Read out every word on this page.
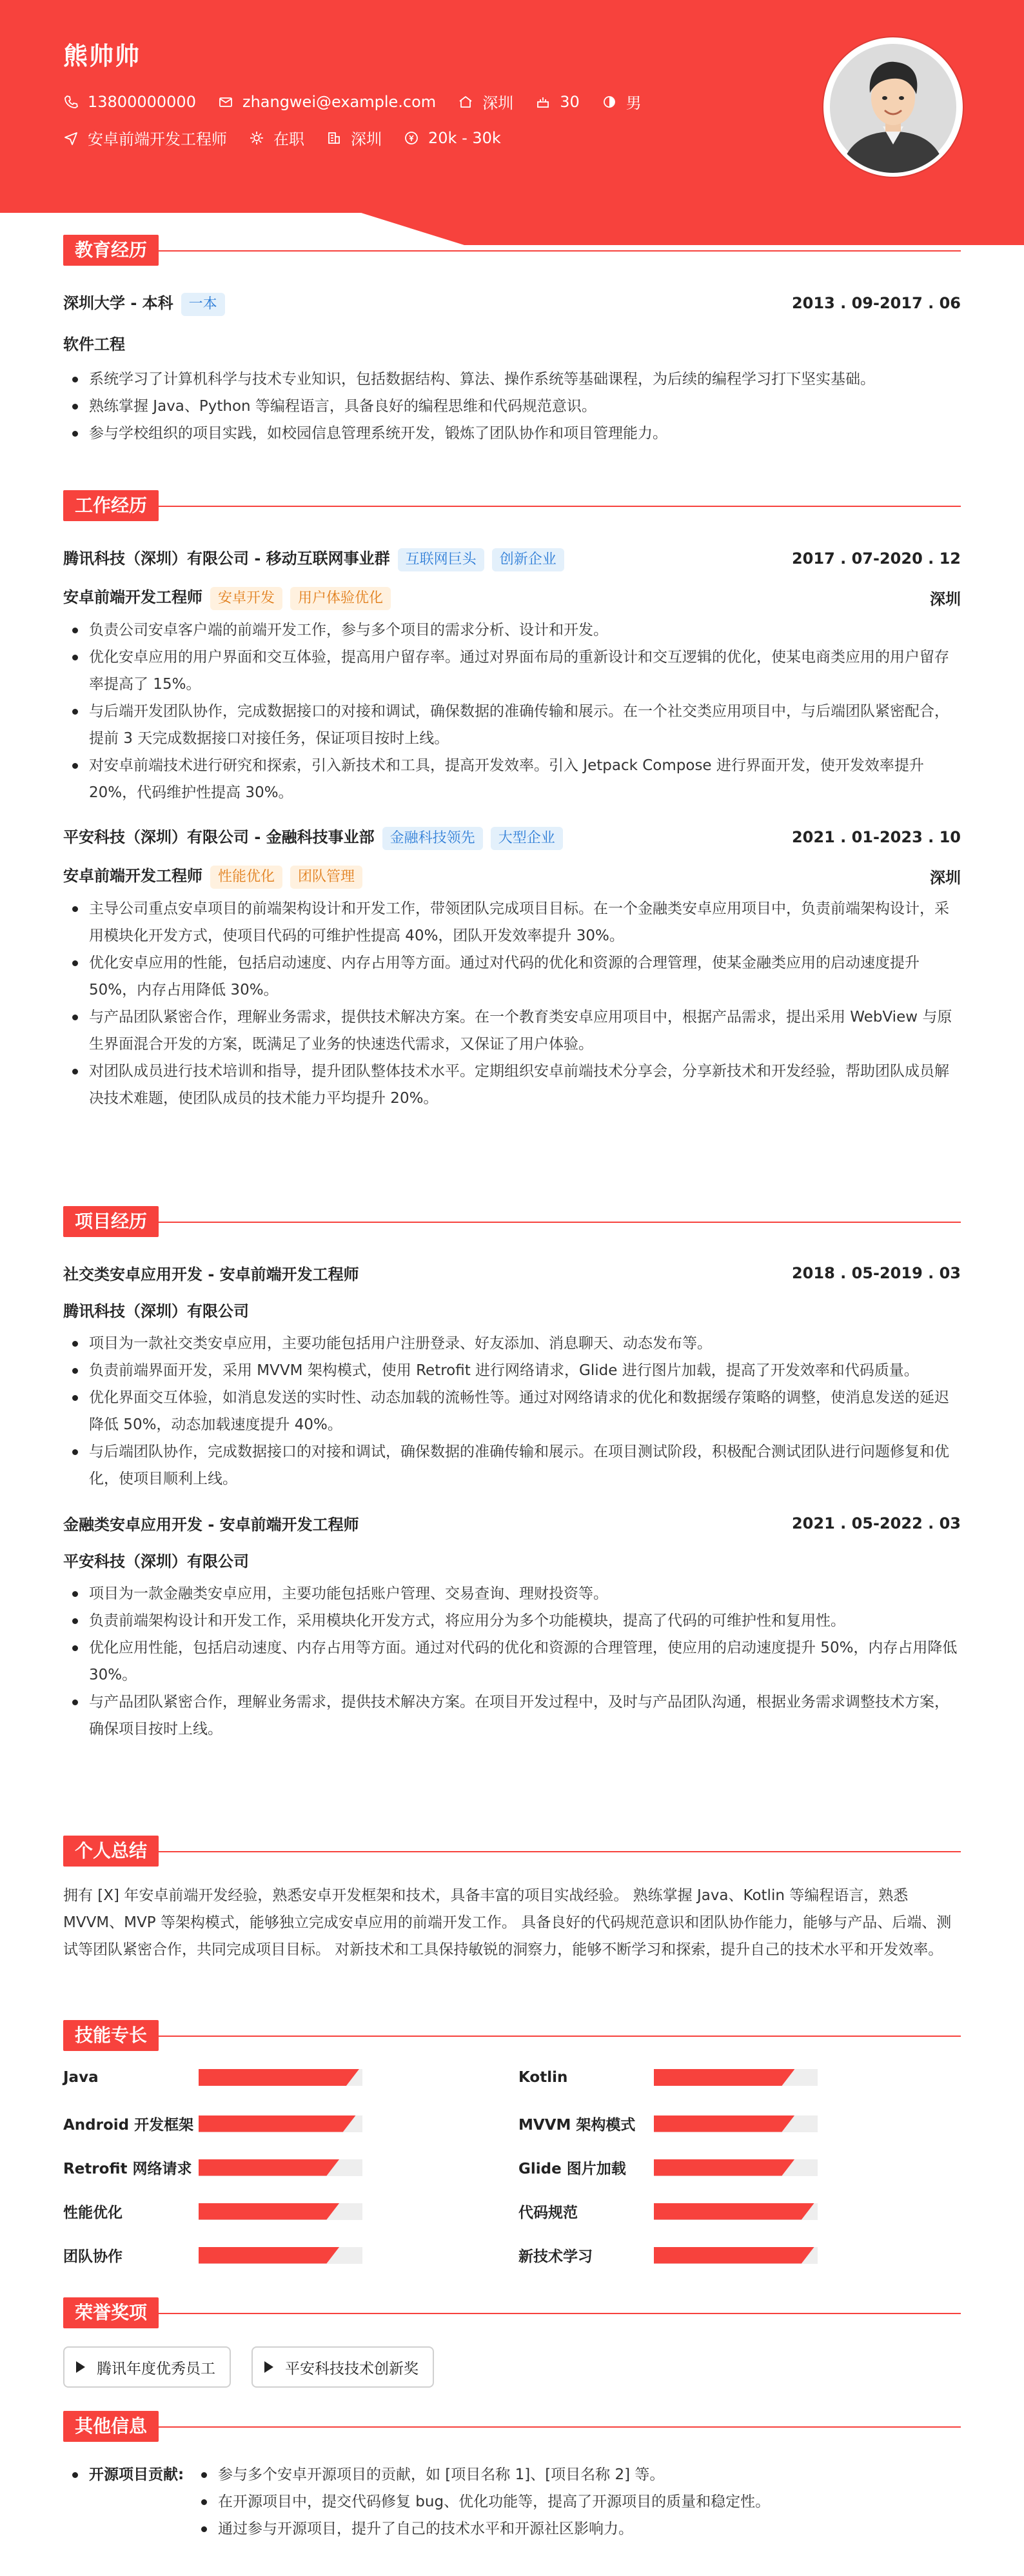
熊帅帅
13800000000	zhangwei@example.com	深圳	30	男
安卓前端开发工程师	在职	深圳	20k - 30k
教育经历
深圳大学 - 本科 一本	2013 . 09-2017 . 06
软件工程
系统学习了计算机科学与技术专业知识，包括数据结构、算法、操作系统等基础课程，为后续的编程学习打下坚实基础。
熟练掌握 Java、Python 等编程语言，具备良好的编程思维和代码规范意识。
参与学校组织的项目实践，如校园信息管理系统开发，锻炼了团队协作和项目管理能力。
工作经历
腾讯科技（深圳）有限公司 - 移动互联网事业群 互联网巨头 创新企业	2017 . 07-2020 . 12
安卓前端开发工程师 安卓开发 用户体验优化	深圳
负责公司安卓客户端的前端开发工作，参与多个项目的需求分析、设计和开发。
优化安卓应用的用户界面和交互体验，提高用户留存率。通过对界面布局的重新设计和交互逻辑的优化，使某电商类应用的用户留存率提高了 15%。
与后端开发团队协作，完成数据接口的对接和调试，确保数据的准确传输和展示。在一个社交类应用项目中，与后端团队紧密配合，提前 3 天完成数据接口对接任务，保证项目按时上线。
对安卓前端技术进行研究和探索，引入新技术和工具，提高开发效率。引入 Jetpack Compose 进行界面开发，使开发效率提升 20%，代码维护性提高 30%。
平安科技（深圳）有限公司 - 金融科技事业部 金融科技领先 大型企业	2021 . 01-2023 . 10
安卓前端开发工程师 性能优化 团队管理	深圳
主导公司重点安卓项目的前端架构设计和开发工作，带领团队完成项目目标。在一个金融类安卓应用项目中，负责前端架构设计，采用模块化开发方式，使项目代码的可维护性提高 40%，团队开发效率提升 30%。
优化安卓应用的性能，包括启动速度、内存占用等方面。通过对代码的优化和资源的合理管理，使某金融类应用的启动速度提升 50%，内存占用降低 30%。
与产品团队紧密合作，理解业务需求，提供技术解决方案。在一个教育类安卓应用项目中，根据产品需求，提出采用 WebView 与原生界面混合开发的方案，既满足了业务的快速迭代需求，又保证了用户体验。
对团队成员进行技术培训和指导，提升团队整体技术水平。定期组织安卓前端技术分享会，分享新技术和开发经验，帮助团队成员解决技术难题，使团队成员的技术能力平均提升 20%。
项目经历
社交类安卓应用开发 - 安卓前端开发工程师	2018 . 05-2019 . 03
腾讯科技（深圳）有限公司
项目为一款社交类安卓应用，主要功能包括用户注册登录、好友添加、消息聊天、动态发布等。
负责前端界面开发，采用 MVVM 架构模式，使用 Retrofit 进行网络请求，Glide 进行图片加载，提高了开发效率和代码质量。
优化界面交互体验，如消息发送的实时性、动态加载的流畅性等。通过对网络请求的优化和数据缓存策略的调整，使消息发送的延迟降低 50%，动态加载速度提升 40%。
与后端团队协作，完成数据接口的对接和调试，确保数据的准确传输和展示。在项目测试阶段，积极配合测试团队进行问题修复和优化，使项目顺利上线。
金融类安卓应用开发 - 安卓前端开发工程师	2021 . 05-2022 . 03
平安科技（深圳）有限公司
项目为一款金融类安卓应用，主要功能包括账户管理、交易查询、理财投资等。
负责前端架构设计和开发工作，采用模块化开发方式，将应用分为多个功能模块，提高了代码的可维护性和复用性。
优化应用性能，包括启动速度、内存占用等方面。通过对代码的优化和资源的合理管理，使应用的启动速度提升 50%，内存占用降低 30%。
与产品团队紧密合作，理解业务需求，提供技术解决方案。在项目开发过程中，及时与产品团队沟通，根据业务需求调整技术方案，确保项目按时上线。
个人总结
拥有 [X] 年安卓前端开发经验，熟悉安卓开发框架和技术，具备丰富的项目实战经验。 熟练掌握 Java、Kotlin 等编程语言，熟悉 MVVM、MVP 等架构模式，能够独立完成安卓应用的前端开发工作。 具备良好的代码规范意识和团队协作能力，能够与产品、后端、测试等团队紧密合作，共同完成项目目标。 对新技术和工具保持敏锐的洞察力，能够不断学习和探索，提升自己的技术水平和开发效率。
技能专长
Java	Kotlin
Android 开发框架	MVVM 架构模式
Retrofit 网络请求	Glide 图片加载
性能优化	代码规范
团队协作	新技术学习
荣誉奖项
腾讯年度优秀员工	平安科技技术创新奖
其他信息
开源项目贡献: 参与多个安卓开源项目的贡献，如 [项目名称 1]、[项目名称 2] 等。
在开源项目中，提交代码修复 bug、优化功能等，提高了开源项目的质量和稳定性。
通过参与开源项目，提升了自己的技术水平和开源社区影响力。
